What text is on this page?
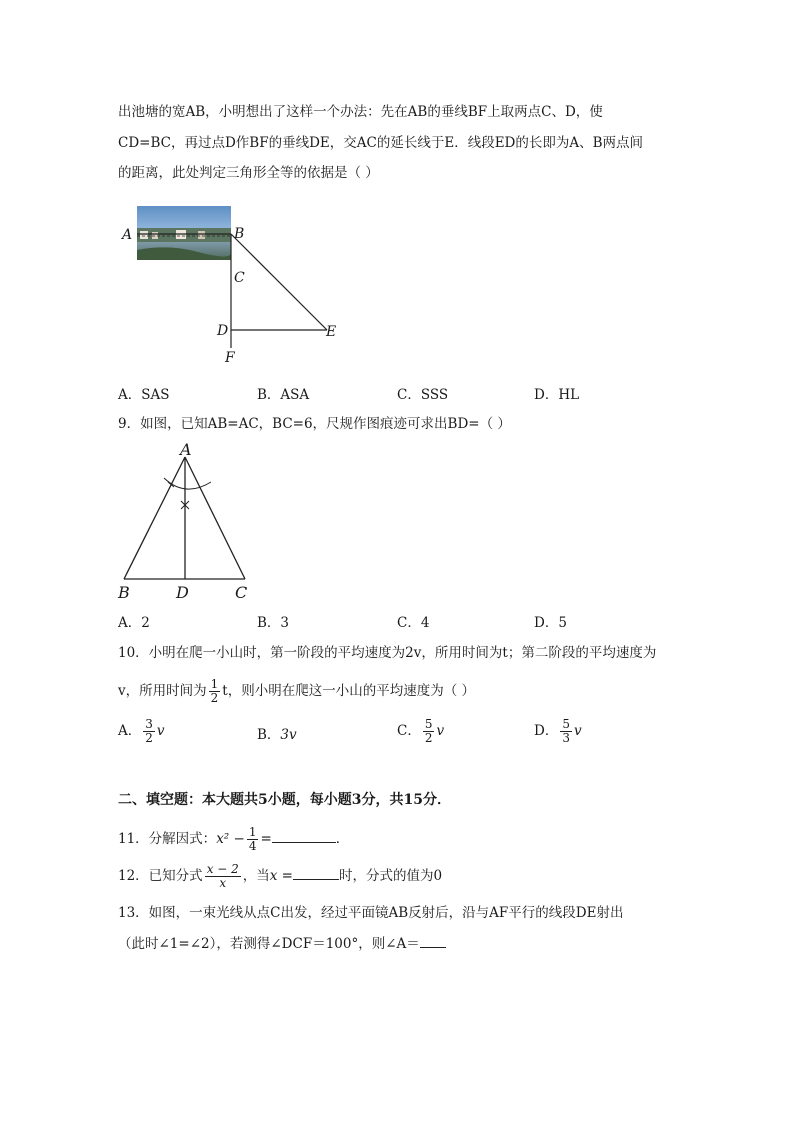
出池塘的宽AB，小明想出了这样一个办法：先在AB的垂线BF上取两点C、D，使
CD=BC，再过点D作BF的垂线DE，交AC的延长线于E．线段ED的长即为A、B两点间
的距离，此处判定三角形全等的依据是（ ）
A	B
C
D	E
F
A．SAS	B．ASA	C．SSS	D．HL
9．如图，已知AB=AC，BC=6，尺规作图痕迹可求出BD=（ ）
A
B	D	C
A．2	B．3	C．4	D．5
10．小明在爬一小山时，第一阶段的平均速度为2v，所用时间为t；第二阶段的平均速度为
v，所用时间为 $\frac{1}{2}$ t，则小明在爬这一小山的平均速度为（ ）
A． $\frac{3}{2}$ v	B．3v	C． $\frac{5}{2}$ v	D． $\frac{5}{3}$ v
二、填空题：本大题共5小题，每小题3分，共15分．
11．分解因式：$x^2 - \frac{1}{4}$ =	．
12．已知分式 $\frac{x - 2}{x}$ ，当x =	时，分式的值为0
13．如图，一束光线从点C出发，经过平面镜AB反射后，沿与AF平行的线段DE射出
（此时∠1=∠2），若测得∠DCF＝100°，则∠A＝
